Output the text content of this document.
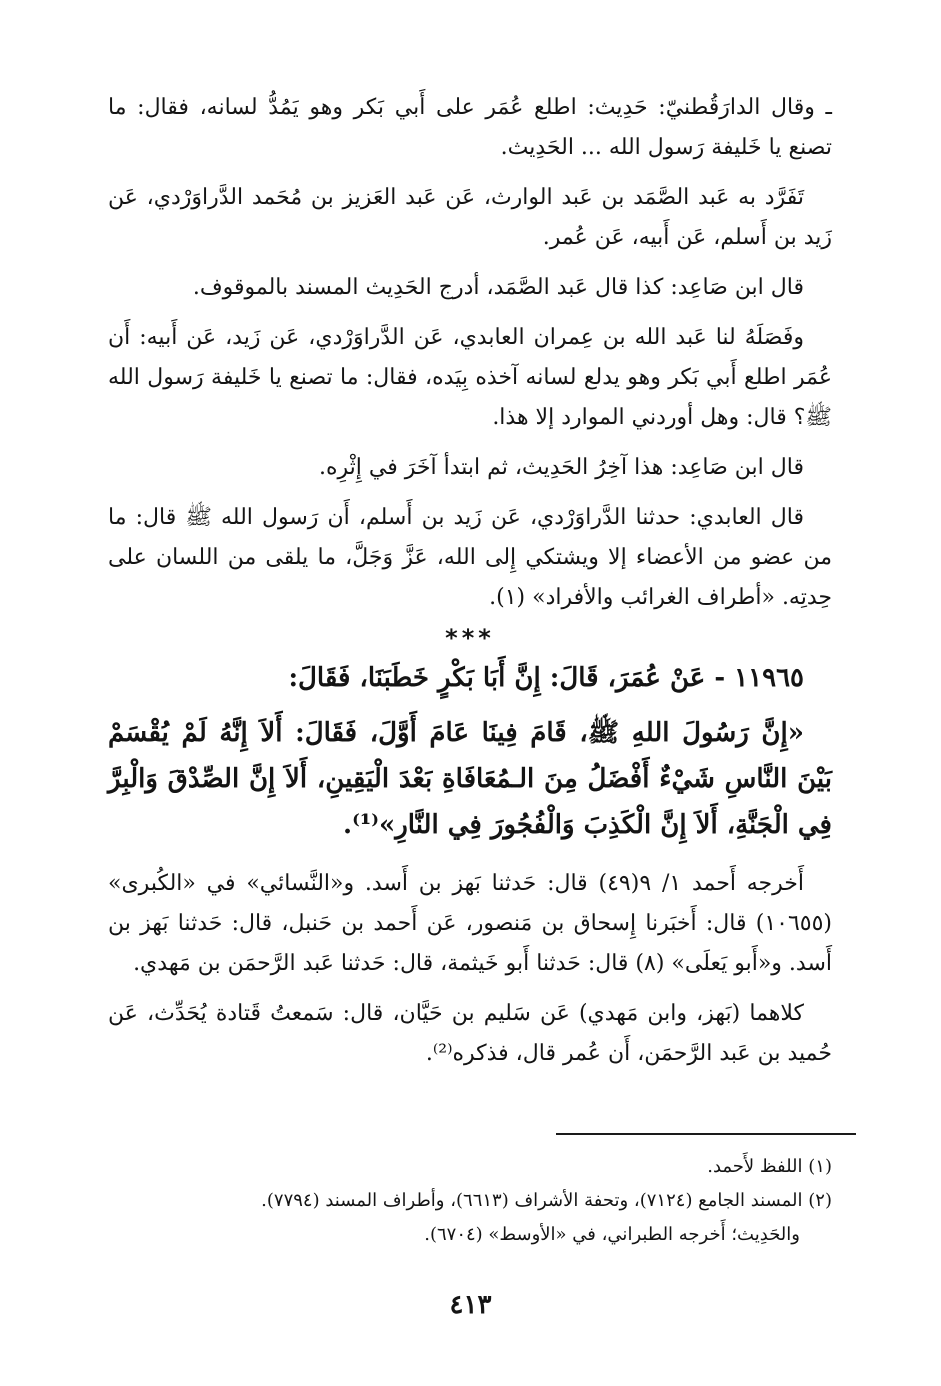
ـ وقال الدارَقُطنيّ: حَدِيث: اطلع عُمَر على أَبي بَكر وهو يَمُدُّ لسانه، فقال: ما تصنع يا خَليفة رَسول الله ... الحَدِيث.

تَفَرَّد به عَبد الصَّمَد بن عَبد الوارث، عَن عَبد العَزيز بن مُحَمد الدَّراوَرْدي، عَن زَيد بن أَسلم، عَن أَبيه، عَن عُمر.

قال ابن صَاعِد: كذا قال عَبد الصَّمَد، أدرج الحَدِيث المسند بالموقوف.

وفَصَلَهُ لنا عَبد الله بن عِمران العابدي، عَن الدَّراوَرْدي، عَن زَيد، عَن أَبيه: أَن عُمَر اطلع أَبي بَكر وهو يدلع لسانه آخذه بِيَده، فقال: ما تصنع يا خَليفة رَسول الله ﷺ؟ قال: وهل أوردني الموارد إلا هذا.

قال ابن صَاعِد: هذا آخِرُ الحَدِيث، ثم ابتدأ آخَرَ في إِثْرِه.

قال العابدي: حدثنا الدَّراوَرْدي، عَن زَيد بن أَسلم، أَن رَسول الله ﷺ قال: ما من عضو من الأعضاء إلا ويشتكي إِلى الله، عَزَّ وَجَلَّ، ما يلقى من اللسان على حِدتِه. «أطراف الغرائب والأفراد» (١).

***

١١٩٦٥ - عَنْ عُمَرَ، قَالَ: إِنَّ أَبَا بَكْرٍ خَطَبَنَا، فَقَالَ:

«إِنَّ رَسُولَ اللهِ ﷺ، قَامَ فِينَا عَامَ أَوَّلَ، فَقَالَ: أَلاَ إِنَّهُ لَمْ يُقْسَمْ بَيْنَ النَّاسِ شَيْءٌ أَفْضَلُ مِنَ الـمُعَافَاةِ بَعْدَ الْيَقِينِ، أَلاَ إِنَّ الصِّدْقَ وَالْبِرَّ فِي الْجَنَّةِ، أَلاَ إِنَّ الْكَذِبَ وَالْفُجُورَ فِي النَّارِ»⁽¹⁾.

أَخرجه أَحمد ١/ ٩(٤٩) قال: حَدثنا بَهز بن أَسد. و«النَّسائي» في «الكُبرى» (١٠٦٥٥) قال: أَخبَرنا إِسحاق بن مَنصور، عَن أَحمد بن حَنبل، قال: حَدثنا بَهز بن أَسد. و«أَبو يَعلَى» (٨) قال: حَدثنا أَبو خَيثمة، قال: حَدثنا عَبد الرَّحمَن بن مَهدي.

كلاهما (بَهز، وابن مَهدي) عَن سَليم بن حَيَّان، قال: سَمعتُ قَتادة يُحَدِّث، عَن حُميد بن عَبد الرَّحمَن، أَن عُمر قال، فذكره⁽²⁾.

(١) اللفظ لأَحمد.

(٢) المسند الجامع (٧١٢٤)، وتحفة الأشراف (٦٦١٣)، وأطراف المسند (٧٧٩٤).

والحَدِيث؛ أَخرجه الطبراني، في «الأوسط» (٦٧٠٤).

٤١٣
